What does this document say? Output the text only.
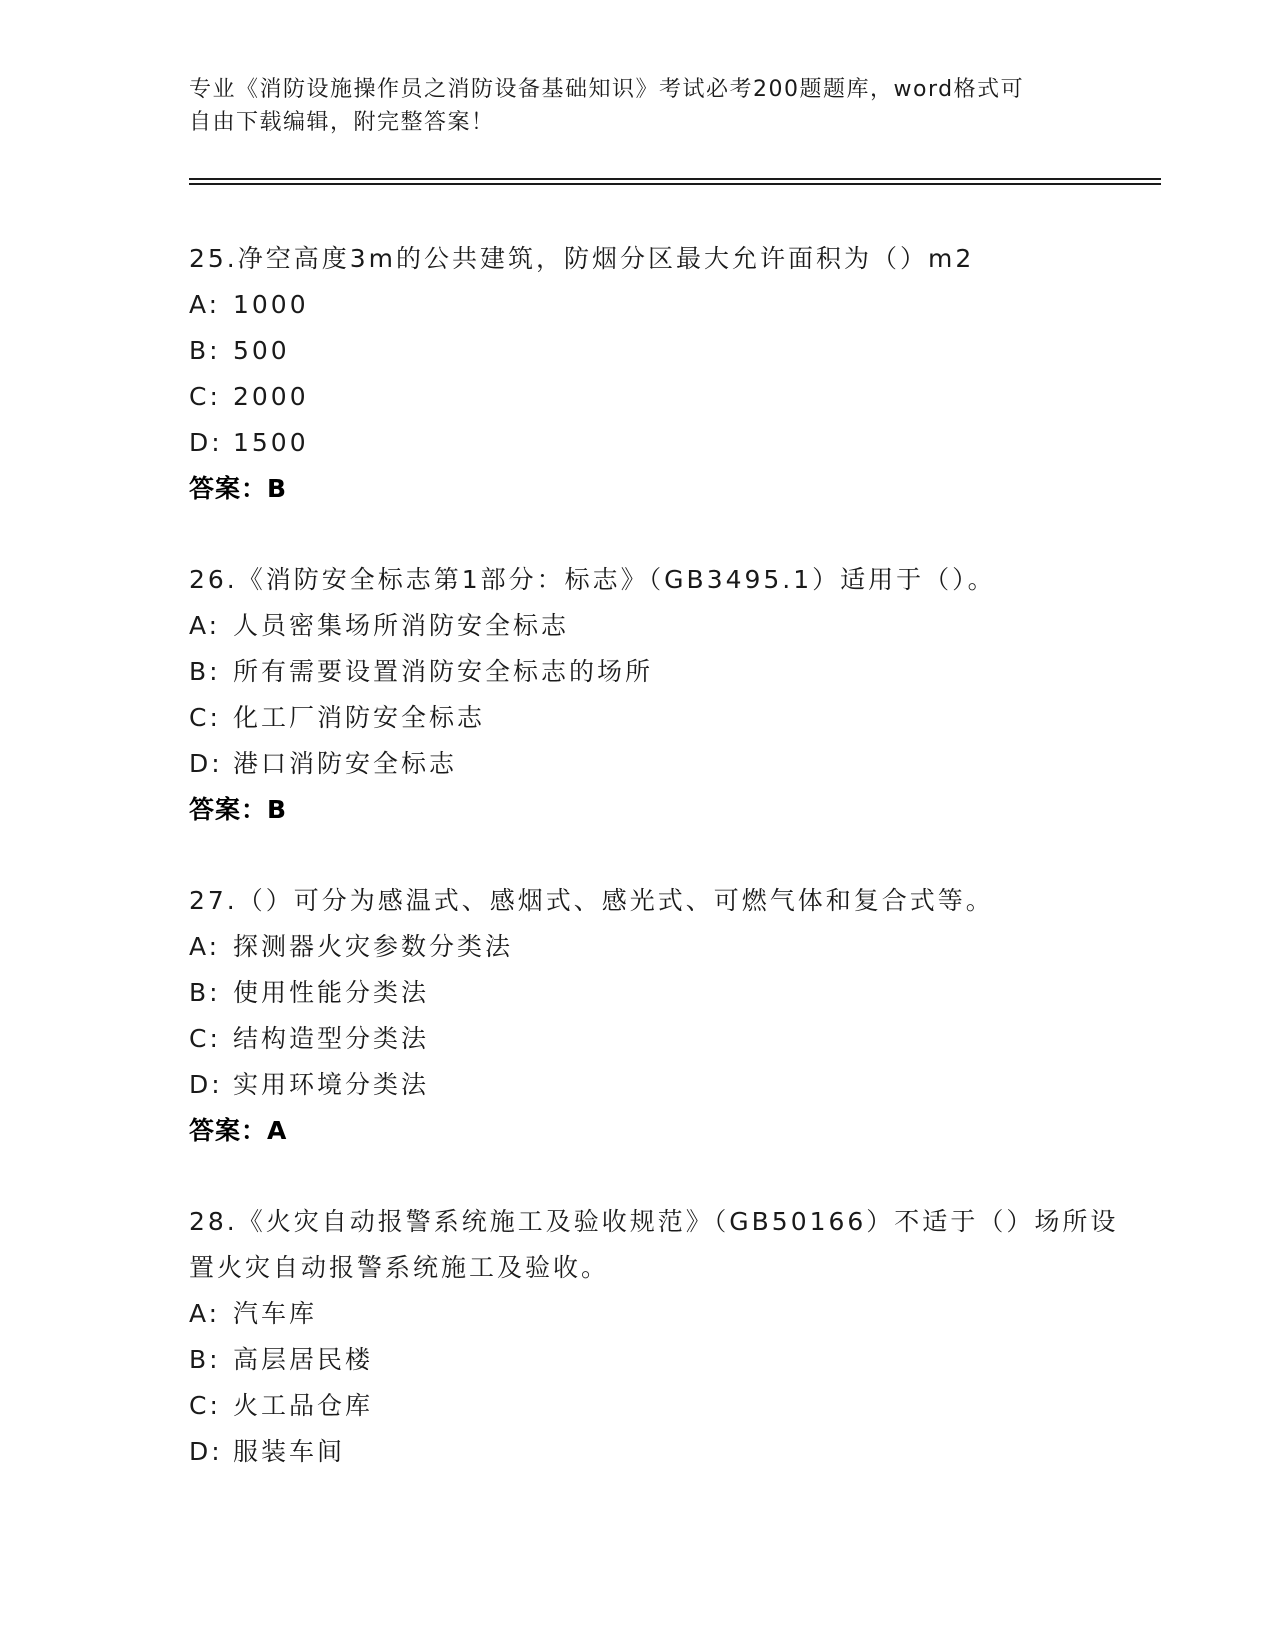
专业《消防设施操作员之消防设备基础知识》考试必考200题题库，word格式可
自由下载编辑，附完整答案！
25.净空高度3m的公共建筑，防烟分区最大允许面积为（）m2
A: 1000
B: 500
C: 2000
D: 1500
答案：B
26.《消防安全标志第1部分：标志》（GB3495.1）适用于（）。
A: 人员密集场所消防安全标志
B: 所有需要设置消防安全标志的场所
C: 化工厂消防安全标志
D: 港口消防安全标志
答案：B
27.（）可分为感温式、感烟式、感光式、可燃气体和复合式等。
A: 探测器火灾参数分类法
B: 使用性能分类法
C: 结构造型分类法
D: 实用环境分类法
答案：A
28.《火灾自动报警系统施工及验收规范》（GB50166）不适于（）场所设置火灾自动报警系统施工及验收。
A: 汽车库
B: 高层居民楼
C: 火工品仓库
D: 服装车间
